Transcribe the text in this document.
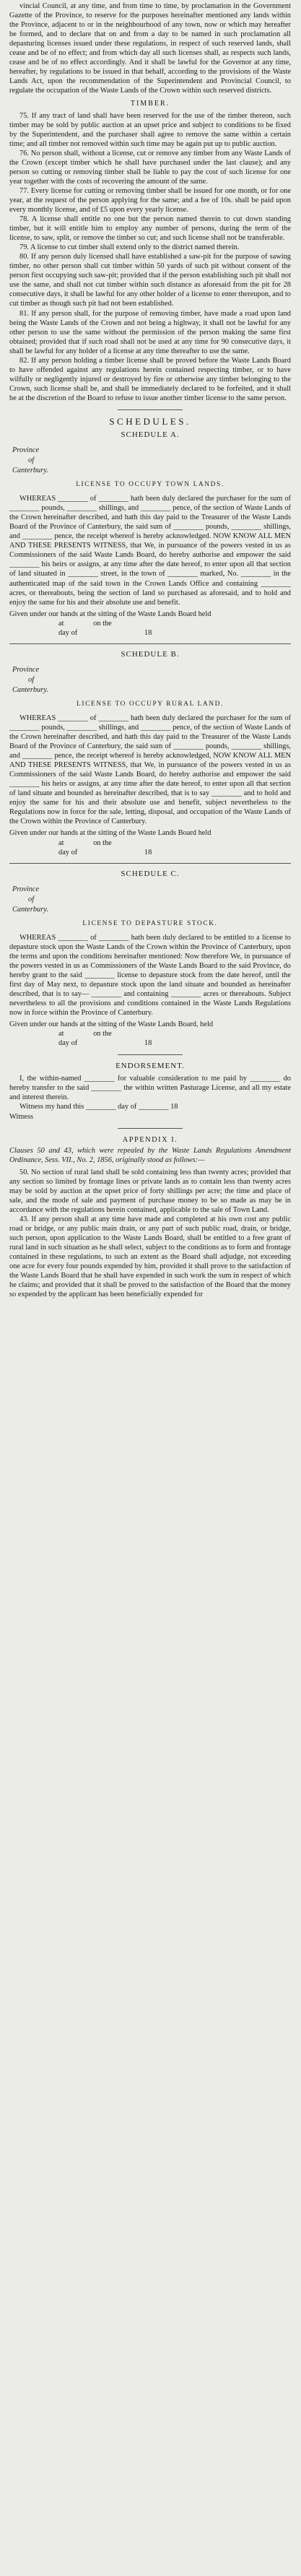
vincial Council, at any time, and from time to time, by proclamation in the Government Gazette of the Province, to reserve for the purposes hereinafter mentioned any lands within the Province, adjacent to or in the neighbourhood of any town, now or which may hereafter be formed, and to declare that on and from a day to be named in such proclamation all depasturing licenses issued under these regulations, in respect of such reserved lands, shall cease and be of no effect; and from which day all such licenses shall, as respects such lands, cease and be of no effect accordingly. And it shall be lawful for the Governor at any time, hereafter, by regulations to be issued in that behalf, according to the provisions of the Waste Lands Act, upon the recommendation of the Superintendent and Provincial Council, to regulate the occupation of the Waste Lands of the Crown within such reserved districts.

TIMBER.

75. If any tract of land shall have been reserved for the use of the timber thereon, such timber may be sold by public auction at an upset price and subject to conditions to be fixed by the Superintendent, and the purchaser shall agree to remove the same within a certain time; and all timber not removed within such time may be again put up to public auction.

76. No person shall, without a license, cut or remove any timber from any Waste Lands of the Crown (except timber which he shall have purchased under the last clause); and any person so cutting or removing timber shall be liable to pay the cost of such license for one year together with the costs of recovering the amount of the same.

77. Every license for cutting or removing timber shall be issued for one month, or for one year, at the request of the person applying for the same; and a fee of 10s. shall be paid upon every monthly license, and of £5 upon every yearly license.

78. A license shall entitle no one but the person named therein to cut down standing timber, but it will entitle him to employ any number of persons, during the term of the license, to saw, split, or remove the timber so cut; and such license shall not be transferable.

79. A license to cut timber shall extend only to the district named therein.

80. If any person duly licensed shall have established a saw-pit for the purpose of sawing timber, no other person shall cut timber within 50 yards of such pit without consent of the person first occupying such saw-pit; provided that if the person establishing such pit shall not use the same, and shall not cut timber within such distance as aforesaid from the pit for 28 consecutive days, it shall be lawful for any other holder of a license to enter thereupon, and to cut timber as though such pit had not been established.

81. If any person shall, for the purpose of removing timber, have made a road upon land being the Waste Lands of the Crown and not being a highway, it shall not be lawful for any other person to use the same without the permission of the person making the same first obtained; provided that if such road shall not be used at any time for 90 consecutive days, it shall be lawful for any holder of a license at any time thereafter to use the same.

82. If any person holding a timber license shall be proved before the Waste Lands Board to have offended against any regulations herein contained respecting timber, or to have wilfully or negligently injured or destroyed by fire or otherwise any timber belonging to the Crown, such license shall be, and shall be immediately declared to be forfeited, and it shall be at the discretion of the Board to refuse to issue another timber license to the same person.

SCHEDULES.
SCHEDULE A.
Province
of
Canterbury.
LICENSE TO OCCUPY TOWN LANDS.

WHEREAS ________ of ________ hath been duly declared the purchaser for the sum of ________ pounds, ________ shillings, and ________ pence, of the section of Waste Lands of the Crown hereinafter described, and hath this day paid to the Treasurer of the Waste Lands Board of the Province of Canterbury, the said sum of ________ pounds, ________ shillings, and ________ pence, the receipt whereof is hereby acknowledged. NOW KNOW ALL MEN AND THESE PRESENTS WITNESS, that We, in pursuance of the powers vested in us as Commissioners of the said Waste Lands Board, do hereby authorise and empower the said ________ his heirs or assigns, at any time after the date hereof, to enter upon all that section of land situated in ________ street, in the town of ________ marked, No. ________ in the authenticated map of the said town in the Crown Lands Office and containing ________ acres, or thereabouts, being the section of land so purchased as aforesaid, and to hold and enjoy the same for his and their absolute use and benefit.

Given under our hands at the sitting of the Waste Lands Board held

at	on the
day of	18
SCHEDULE B.
Province
of
Canterbury.
LICENSE TO OCCUPY RURAL LAND.

WHEREAS ________ of ________ hath been duly declared the purchaser for the sum of ________ pounds, ________ shillings, and ________ pence, of the section of Waste Lands of the Crown hereinafter described, and hath this day paid to the Treasurer of the Waste Lands Board of the Province of Canterbury, the said sum of ________ pounds, ________ shillings, and ________ pence, the receipt whereof is hereby acknowledged, NOW KNOW ALL MEN AND THESE PRESENTS WITNESS, that We, in pursuance of the powers vested in us as Commissioners of the said Waste Lands Board, do hereby authorise and empower the said ________ his heirs or assigns, at any time after the date hereof, to enter upon all that section of land situate and bounded as hereinafter described, that is to say ________ and to hold and enjoy the same for his and their absolute use and benefit, subject nevertheless to the Regulations now in force for the sale, letting, disposal, and occupation of the Waste Lands of the Crown within the Province of Canterbury.

Given under our hands at the sitting of the Waste Lands Board held

at	on the
day of	18
SCHEDULE C.
Province
of
Canterbury.
LICENSE TO DEPASTURE STOCK.

WHEREAS ________ of ________ hath been duly declared to be entitled to a license to depasture stock upon the Waste Lands of the Crown within the Province of Canterbury, upon the terms and upon the conditions hereinafter mentioned: Now therefore We, in pursuance of the powers vested in us as Commissioners of the Waste Lands Board to the said Province, do hereby grant to the said ________ license to depasture stock from the date hereof, until the first day of May next, to depasture stock upon the land situate and bounded as hereinafter described, that is to say— ________ and containing ________ acres or thereabouts. Subject nevertheless to all the provisions and conditions contained in the Waste Lands Regulations now in force within the Province of Canterbury.

Given under our hands at the sitting of the Waste Lands Board, held

at	on the
day of	18
ENDORSEMENT.

I, the within-named ________ for valuable consideration to me paid by ________ do hereby transfer to the said ________ the within written Pasturage License, and all my estate and interest therein.

Witness my hand this ________ day of ________ 18

Witness

APPENDIX I.

Clauses 50 and 43, which were repealed by the Waste Lands Regulations Amendment Ordinance, Sess. VII., No. 2, 1856, originally stood as follows:—

50. No section of rural land shall be sold containing less than twenty acres; provided that any section so limited by frontage lines or private lands as to contain less than twenty acres may be sold by auction at the upset price of forty shillings per acre; the time and place of sale, and the mode of sale and payment of purchase money to be so made as may be in accordance with the regulations herein contained, applicable to the sale of Town Land.

43. If any person shall at any time have made and completed at his own cost any public road or bridge, or any public main drain, or any part of such public road, drain, or bridge, such person, upon application to the Waste Lands Board, shall be entitled to a free grant of rural land in such situation as he shall select, subject to the conditions as to form and frontage contained in these regulations, to such an extent as the Board shall adjudge, not exceeding one acre for every four pounds expended by him, provided it shall prove to the satisfaction of the Waste Lands Board that he shall have expended in such work the sum in respect of which he claims; and provided that it shall be proved to the satisfaction of the Board that the money so expended by the applicant has been beneficially expended for
